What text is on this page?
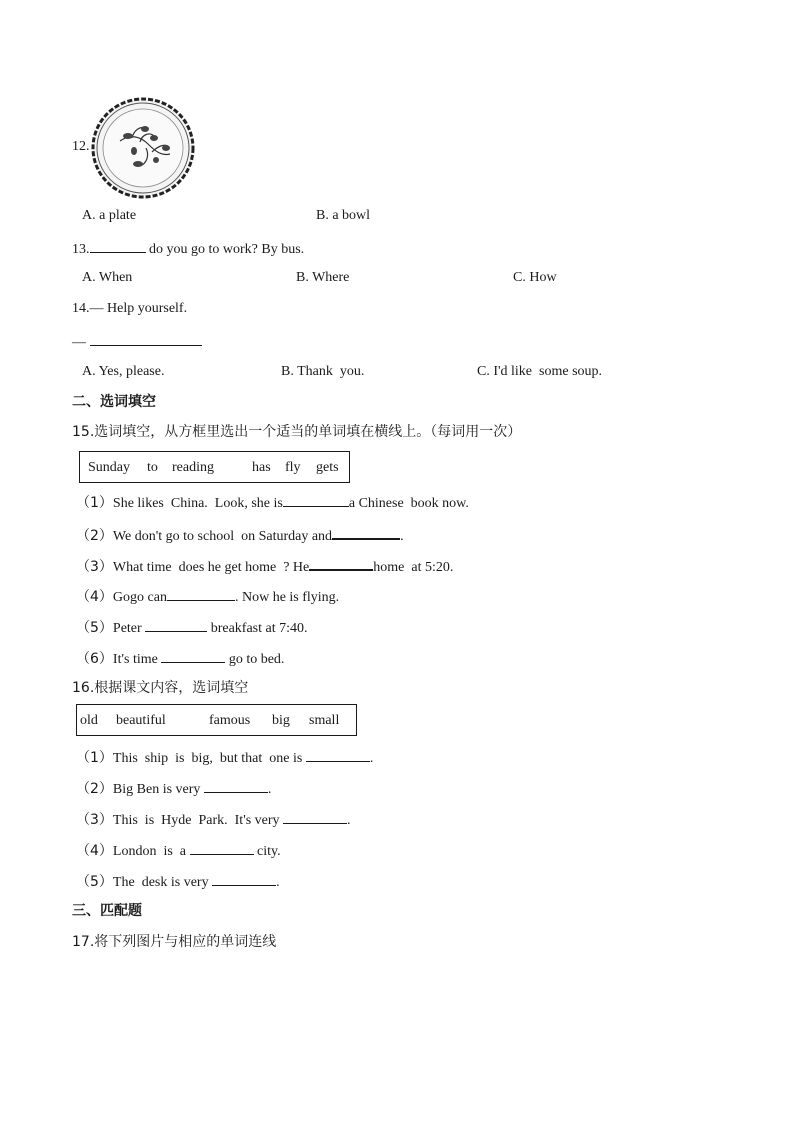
12.
A. a plate	B. a bowl
13.	do you go to work? By bus.
A. When	B. Where	C. How
14.— Help yourself.
—
A. Yes, please.	B. Thank  you.	C. I'd like  some soup.
二、选词填空
15.选词填空，从方框里选出一个适当的单词填在横线上。（每词用一次）
Sunday to reading	has fly gets
（1）She likes  China.  Look, she is	a Chinese  book now.
（2）We don't go to school  on Saturday and	.
（3）What time  does he get home  ? He	home  at 5:20.
（4）Gogo can	. Now he is flying.
（5）Peter	breakfast at 7:40.
（6）It's time	go to bed.
16.根据课文内容，选词填空
old beautiful	famous big small
（1）This  ship  is  big,  but that  one is	.
（2）Big Ben is very	.
（3）This  is  Hyde  Park.  It's very	.
（4）London  is  a	city.
（5）The  desk is very	.
三、匹配题
17.将下列图片与相应的单词连线
